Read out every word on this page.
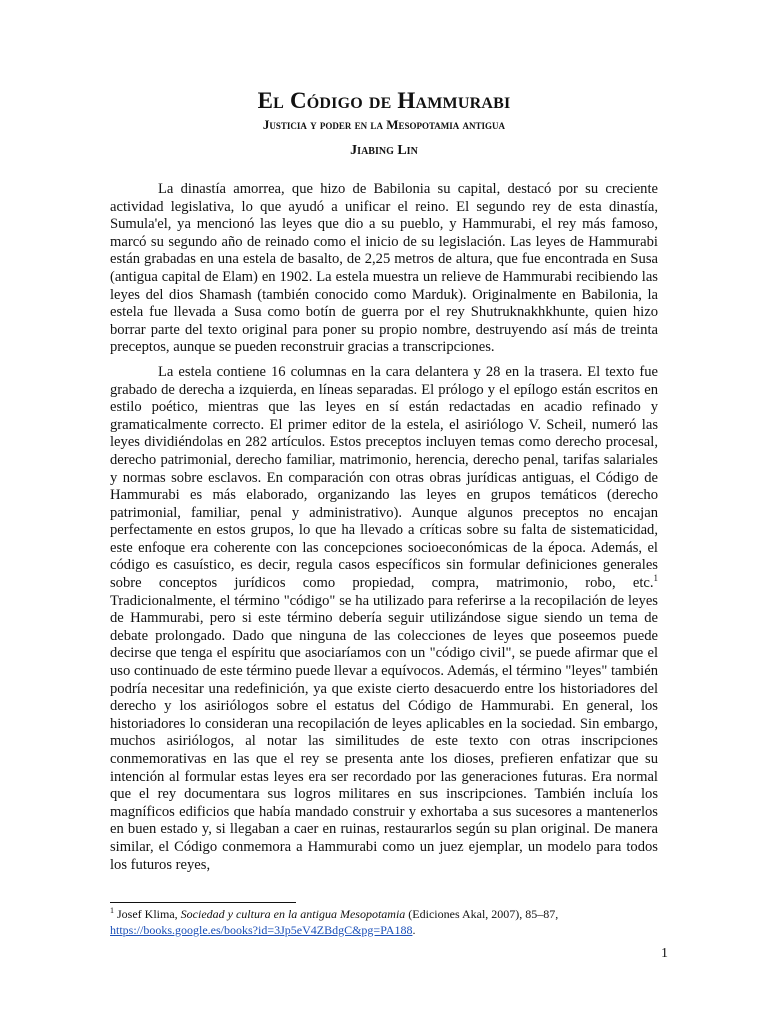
El Código de Hammurabi
Justicia y poder en la Mesopotamia antigua
Jiabing Lin

La dinastía amorrea, que hizo de Babilonia su capital, destacó por su creciente actividad legislativa, lo que ayudó a unificar el reino. El segundo rey de esta dinastía, Sumula'el, ya mencionó las leyes que dio a su pueblo, y Hammurabi, el rey más famoso, marcó su segundo año de reinado como el inicio de su legislación. Las leyes de Hammurabi están grabadas en una estela de basalto, de 2,25 metros de altura, que fue encontrada en Susa (antigua capital de Elam) en 1902. La estela muestra un relieve de Hammurabi recibiendo las leyes del dios Shamash (también conocido como Marduk). Originalmente en Babilonia, la estela fue llevada a Susa como botín de guerra por el rey Shutruknakhkhunte, quien hizo borrar parte del texto original para poner su propio nombre, destruyendo así más de treinta preceptos, aunque se pueden reconstruir gracias a transcripciones.

La estela contiene 16 columnas en la cara delantera y 28 en la trasera. El texto fue grabado de derecha a izquierda, en líneas separadas. El prólogo y el epílogo están escritos en estilo poético, mientras que las leyes en sí están redactadas en acadio refinado y gramaticalmente correcto. El primer editor de la estela, el asiriólogo V. Scheil, numeró las leyes dividiéndolas en 282 artículos. Estos preceptos incluyen temas como derecho procesal, derecho patrimonial, derecho familiar, matrimonio, herencia, derecho penal, tarifas salariales y normas sobre esclavos. En comparación con otras obras jurídicas antiguas, el Código de Hammurabi es más elaborado, organizando las leyes en grupos temáticos (derecho patrimonial, familiar, penal y administrativo). Aunque algunos preceptos no encajan perfectamente en estos grupos, lo que ha llevado a críticas sobre su falta de sistematicidad, este enfoque era coherente con las concepciones socioeconómicas de la época. Además, el código es casuístico, es decir, regula casos específicos sin formular definiciones generales sobre conceptos jurídicos como propiedad, compra, matrimonio, robo, etc.$^1$ Tradicionalmente, el término "código" se ha utilizado para referirse a la recopilación de leyes de Hammurabi, pero si este término debería seguir utilizándose sigue siendo un tema de debate prolongado. Dado que ninguna de las colecciones de leyes que poseemos puede decirse que tenga el espíritu que asociaríamos con un "código civil", se puede afirmar que el uso continuado de este término puede llevar a equívocos. Además, el término "leyes" también podría necesitar una redefinición, ya que existe cierto desacuerdo entre los historiadores del derecho y los asiriólogos sobre el estatus del Código de Hammurabi. En general, los historiadores lo consideran una recopilación de leyes aplicables en la sociedad. Sin embargo, muchos asiriólogos, al notar las similitudes de este texto con otras inscripciones conmemorativas en las que el rey se presenta ante los dioses, prefieren enfatizar que su intención al formular estas leyes era ser recordado por las generaciones futuras. Era normal que el rey documentara sus logros militares en sus inscripciones. También incluía los magníficos edificios que había mandado construir y exhortaba a sus sucesores a mantenerlos en buen estado y, si llegaban a caer en ruinas, restaurarlos según su plan original. De manera similar, el Código conmemora a Hammurabi como un juez ejemplar, un modelo para todos los futuros reyes,

$^1$ Josef Klima, Sociedad y cultura en la antigua Mesopotamia (Ediciones Akal, 2007), 85–87, https://books.google.es/books?id=3Jp5eV4ZBdgC&pg=PA188.
1
